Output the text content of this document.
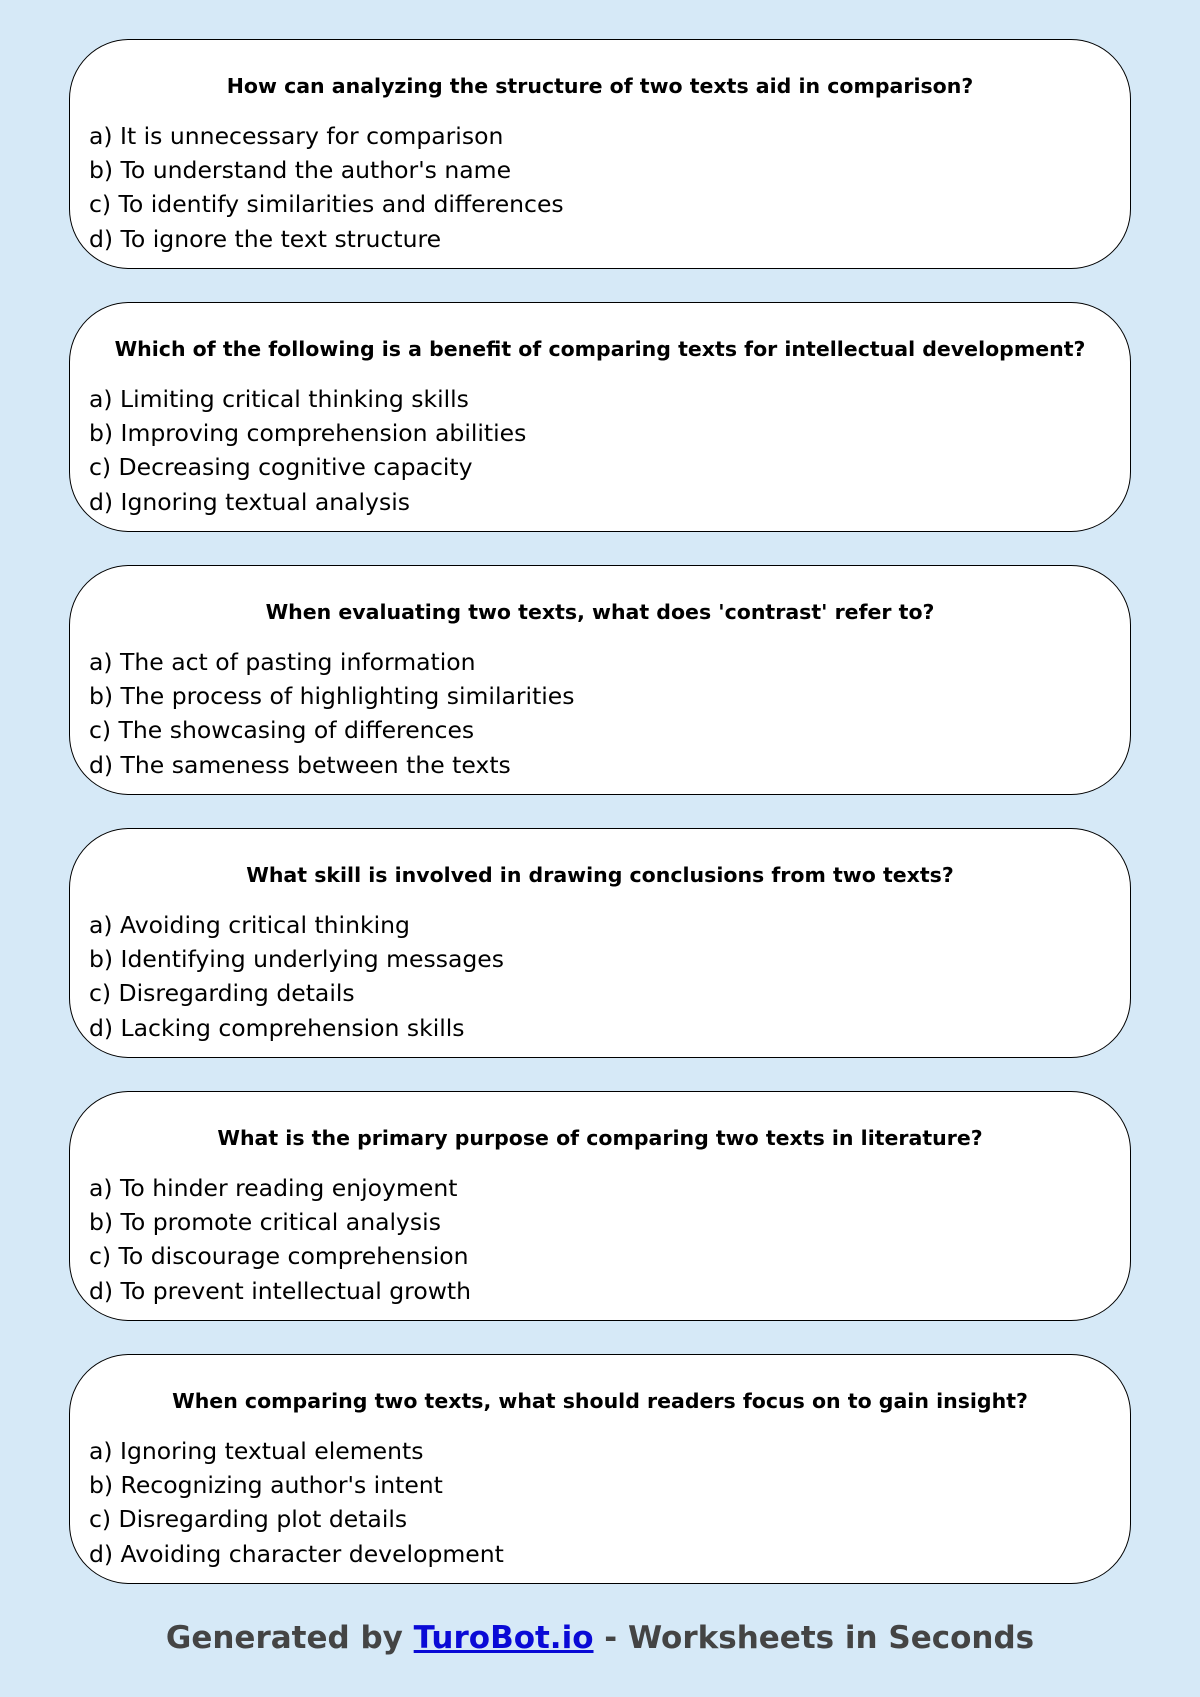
How can analyzing the structure of two texts aid in comparison?
a) It is unnecessary for comparison
b) To understand the author's name
c) To identify similarities and differences
d) To ignore the text structure
Which of the following is a benefit of comparing texts for intellectual development?
a) Limiting critical thinking skills
b) Improving comprehension abilities
c) Decreasing cognitive capacity
d) Ignoring textual analysis
When evaluating two texts, what does 'contrast' refer to?
a) The act of pasting information
b) The process of highlighting similarities
c) The showcasing of differences
d) The sameness between the texts
What skill is involved in drawing conclusions from two texts?
a) Avoiding critical thinking
b) Identifying underlying messages
c) Disregarding details
d) Lacking comprehension skills
What is the primary purpose of comparing two texts in literature?
a) To hinder reading enjoyment
b) To promote critical analysis
c) To discourage comprehension
d) To prevent intellectual growth
When comparing two texts, what should readers focus on to gain insight?
a) Ignoring textual elements
b) Recognizing author's intent
c) Disregarding plot details
d) Avoiding character development
Generated by TuroBot.io - Worksheets in Seconds
